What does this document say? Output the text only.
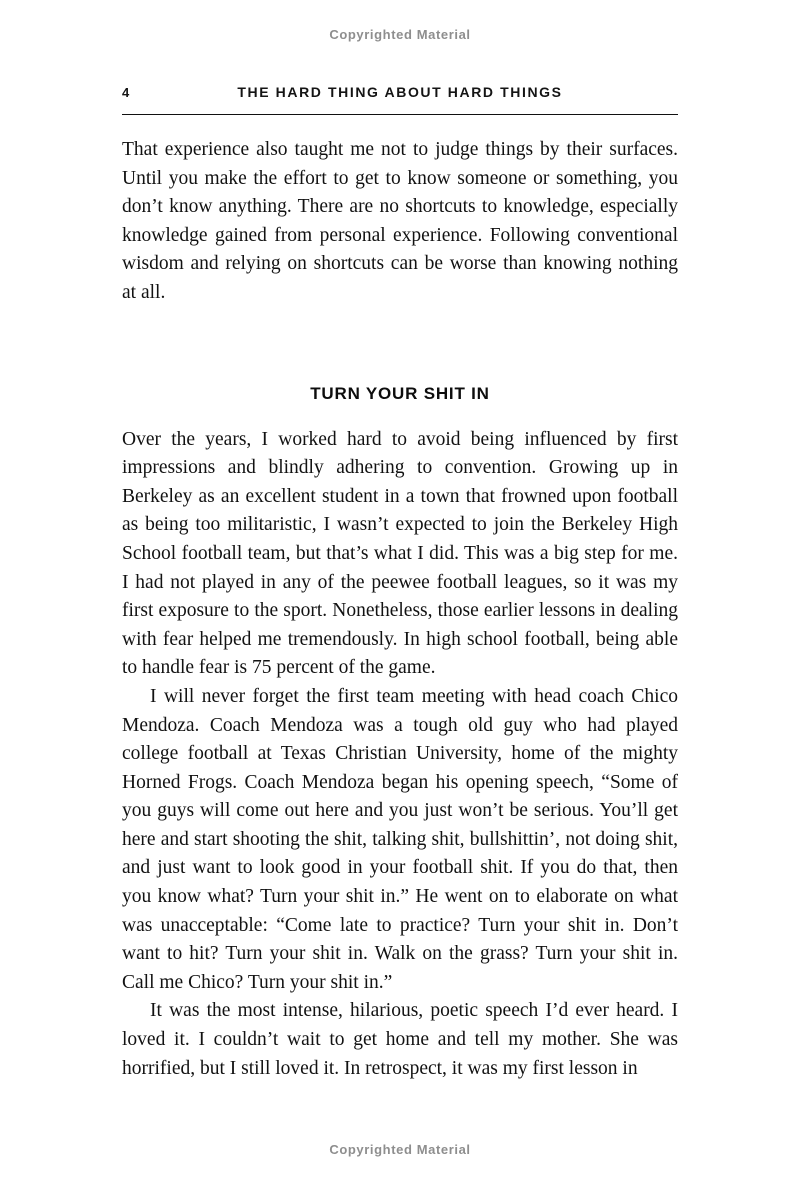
Copyrighted Material
4	THE HARD THING ABOUT HARD THINGS

That experience also taught me not to judge things by their surfaces. Until you make the effort to get to know someone or something, you don’t know anything. There are no shortcuts to knowledge, especially knowledge gained from personal experience. Following conventional wisdom and relying on shortcuts can be worse than knowing nothing at all.

TURN YOUR SHIT IN

Over the years, I worked hard to avoid being influenced by first impressions and blindly adhering to convention. Growing up in Berkeley as an excellent student in a town that frowned upon football as being too militaristic, I wasn’t expected to join the Berkeley High School football team, but that’s what I did. This was a big step for me. I had not played in any of the peewee football leagues, so it was my first exposure to the sport. Nonetheless, those earlier lessons in dealing with fear helped me tremendously. In high school football, being able to handle fear is 75 percent of the game.

I will never forget the first team meeting with head coach Chico Mendoza. Coach Mendoza was a tough old guy who had played college football at Texas Christian University, home of the mighty Horned Frogs. Coach Mendoza began his opening speech, “Some of you guys will come out here and you just won’t be serious. You’ll get here and start shooting the shit, talking shit, bullshittin’, not doing shit, and just want to look good in your football shit. If you do that, then you know what? Turn your shit in.” He went on to elaborate on what was unacceptable: “Come late to practice? Turn your shit in. Don’t want to hit? Turn your shit in. Walk on the grass? Turn your shit in. Call me Chico? Turn your shit in.”

It was the most intense, hilarious, poetic speech I’d ever heard. I loved it. I couldn’t wait to get home and tell my mother. She was horrified, but I still loved it. In retrospect, it was my first lesson in

Copyrighted Material
